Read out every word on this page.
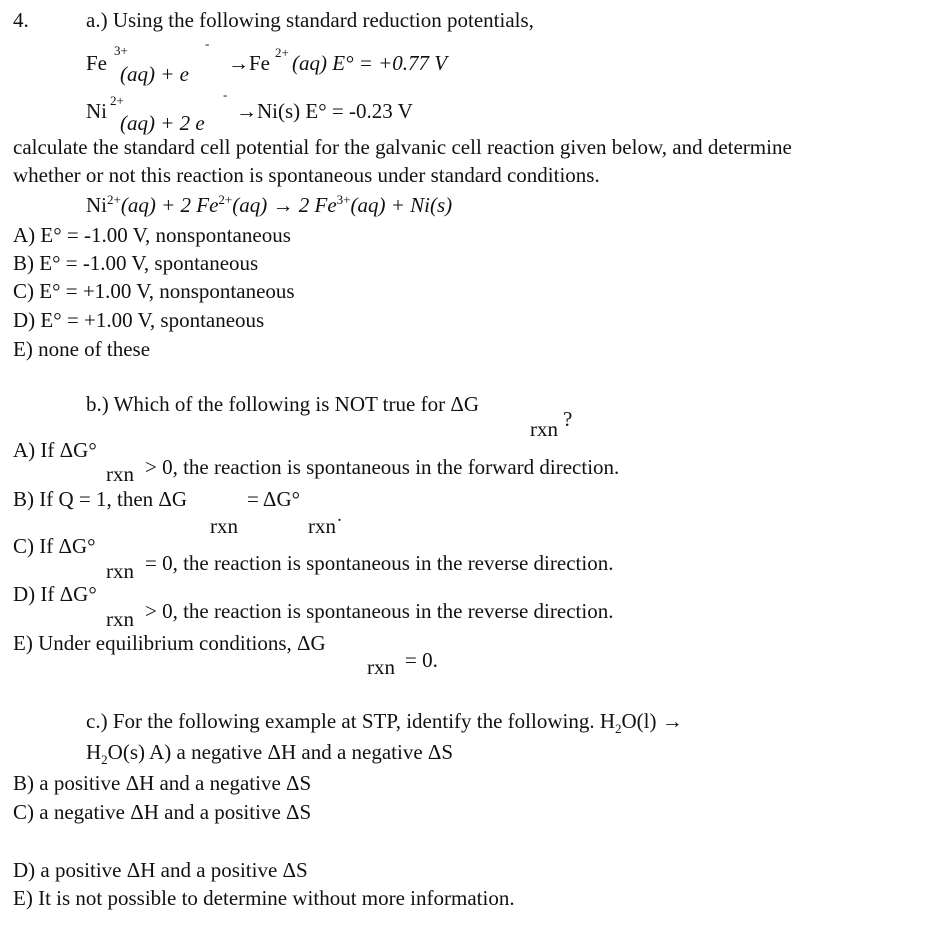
4.	a.) Using the following standard reduction potentials,
Fe
3+	-
(aq) + e →Fe 2+ (aq) E° = +0.77 V
Ni 2+	-
(aq) + 2 e →Ni(s) E° = -0.23 V
calculate the standard cell potential for the galvanic cell reaction given below, and determine
whether or not this reaction is spontaneous under standard conditions.
$Ni^{2+}(aq) + 2$ $Fe^{2+}(aq) \to 2$ $Fe^{3+}(aq) + Ni(s)$
A) E° = -1.00 V, nonspontaneous
B) E° = -1.00 V, spontaneous
C) E° = +1.00 V, nonspontaneous
D) E° = +1.00 V, spontaneous
E) none of these
b.) Which of the following is NOT true for ΔG
?
rxn
A) If ΔG°
rxn > 0, the reaction is spontaneous in the forward direction.
B) If Q = 1, then ΔG	= ΔG°
rxn	rxn˙
C) If ΔG°
rxn = 0, the reaction is spontaneous in the reverse direction.
D) If ΔG°
rxn > 0, the reaction is spontaneous in the reverse direction.
E) Under equilibrium conditions, ΔG
rxn = 0.
c.) For the following example at STP, identify the following. $H_2O(l)$ →
$H_2O(s)$ A) a negative ΔH and a negative ΔS
B) a positive ΔH and a negative ΔS
C) a negative ΔH and a positive ΔS
D) a positive ΔH and a positive ΔS
E) It is not possible to determine without more information.
